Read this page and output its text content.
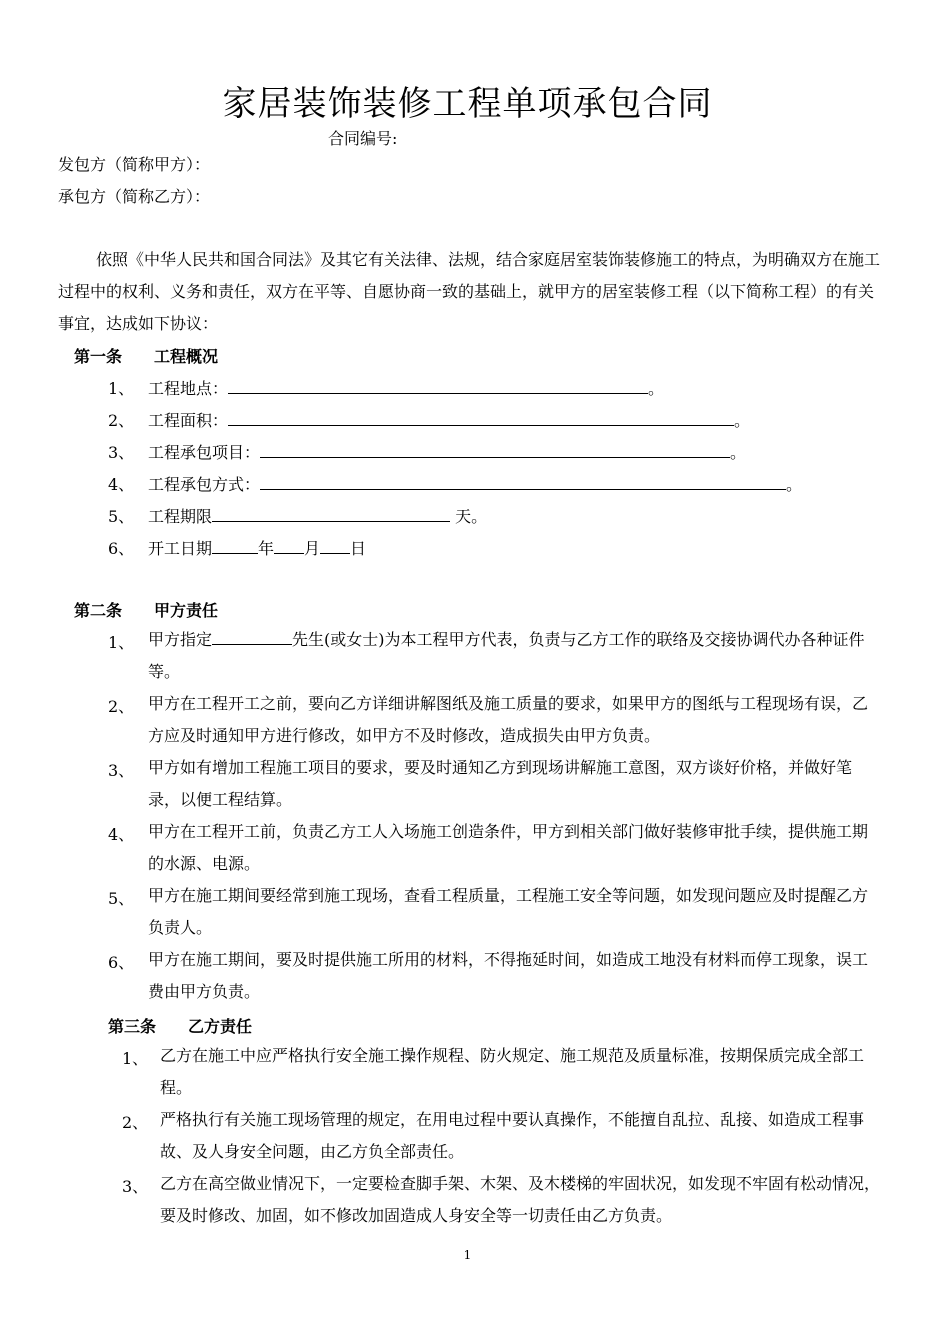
家居装饰装修工程单项承包合同
合同编号:
发包方（简称甲方）：
承包方（简称乙方）：

依照《中华人民共和国合同法》及其它有关法律、法规，结合家庭居室装饰装修施工的特点，为明确双方在施工过程中的权利、义务和责任，双方在平等、自愿协商一致的基础上，就甲方的居室装修工程（以下简称工程）的有关事宜，达成如下协议：

第一条 工程概况
1、 工程地点：	。
2、 工程面积：	。
3、 工程承包项目：	。
4、 工程承包方式：	。
5、 工程期限	天。
6、 开工日期	年 月 日
第二条 甲方责任
1、 甲方指定	先生(或女士)为本工程甲方代表，负责与乙方工作的联络及交接协调代办各种证件等。

2、 甲方在工程开工之前，要向乙方详细讲解图纸及施工质量的要求，如果甲方的图纸与工程现场有误，乙方应及时通知甲方进行修改，如甲方不及时修改，造成损失由甲方负责。

3、 甲方如有增加工程施工项目的要求，要及时通知乙方到现场讲解施工意图，双方谈好价格，并做好笔录，以便工程结算。

4、 甲方在工程开工前，负责乙方工人入场施工创造条件，甲方到相关部门做好装修审批手续，提供施工期的水源、电源。

5、 甲方在施工期间要经常到施工现场，查看工程质量，工程施工安全等问题，如发现问题应及时提醒乙方负责人。

6、 甲方在施工期间，要及时提供施工所用的材料，不得拖延时间，如造成工地没有材料而停工现象，误工费由甲方负责。

第三条 乙方责任
1、 乙方在施工中应严格执行安全施工操作规程、防火规定、施工规范及质量标准，按期保质完成全部工程。

2、 严格执行有关施工现场管理的规定，在用电过程中要认真操作，不能擅自乱拉、乱接、如造成工程事故、及人身安全问题，由乙方负全部责任。

3、 乙方在高空做业情况下，一定要检查脚手架、木架、及木楼梯的牢固状况，如发现不牢固有松动情况，要及时修改、加固，如不修改加固造成人身安全等一切责任由乙方负责。

1
